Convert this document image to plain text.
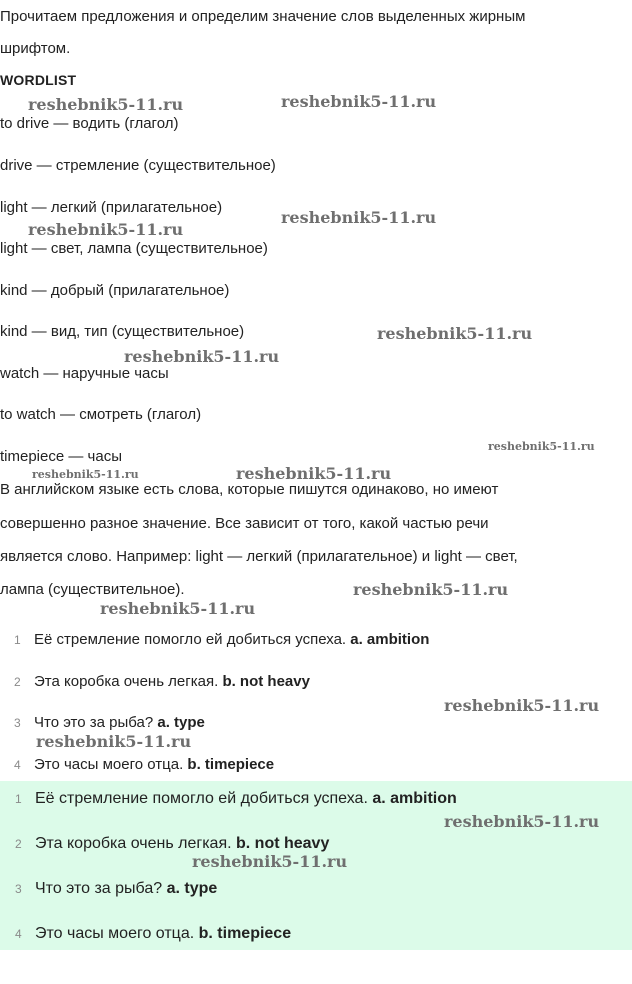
Прочитаем предложения и определим значение слов выделенных жирным
шрифтом.
WORDLIST
to drive — водить (глагол)
drive — стремление (существительное)
light — легкий (прилагательное)
light — свет, лампа (существительное)
kind — добрый (прилагательное)
kind — вид, тип (существительное)
watch — наручные часы
to watch — смотреть (глагол)
timepiece — часы
В английском языке есть слова, которые пишутся одинаково, но имеют
совершенно разное значение. Все зависит от того, какой частью речи
является слово. Например: light — легкий (прилагательное) и light — свет,
лампа (существительное).
1 Её стремление помогло ей добиться успеха. a. ambition
2 Эта коробка очень легкая. b. not heavy
3 Что это за рыба? a. type
4 Это часы моего отца. b. timepiece
1 Её стремление помогло ей добиться успеха. a. ambition
2 Эта коробка очень легкая. b. not heavy
3 Что это за рыба? a. type
4 Это часы моего отца. b. timepiece
reshebnik5-11.ru	reshebnik5-11.ru
reshebnik5-11.ru
reshebnik5-11.ru
reshebnik5-11.ru
reshebnik5-11.ru
reshebnik5-11.ru
reshebnik5-11.ru	reshebnik5-11.ru
reshebnik5-11.ru
reshebnik5-11.ru
reshebnik5-11.ru
reshebnik5-11.ru
reshebnik5-11.ru
reshebnik5-11.ru
